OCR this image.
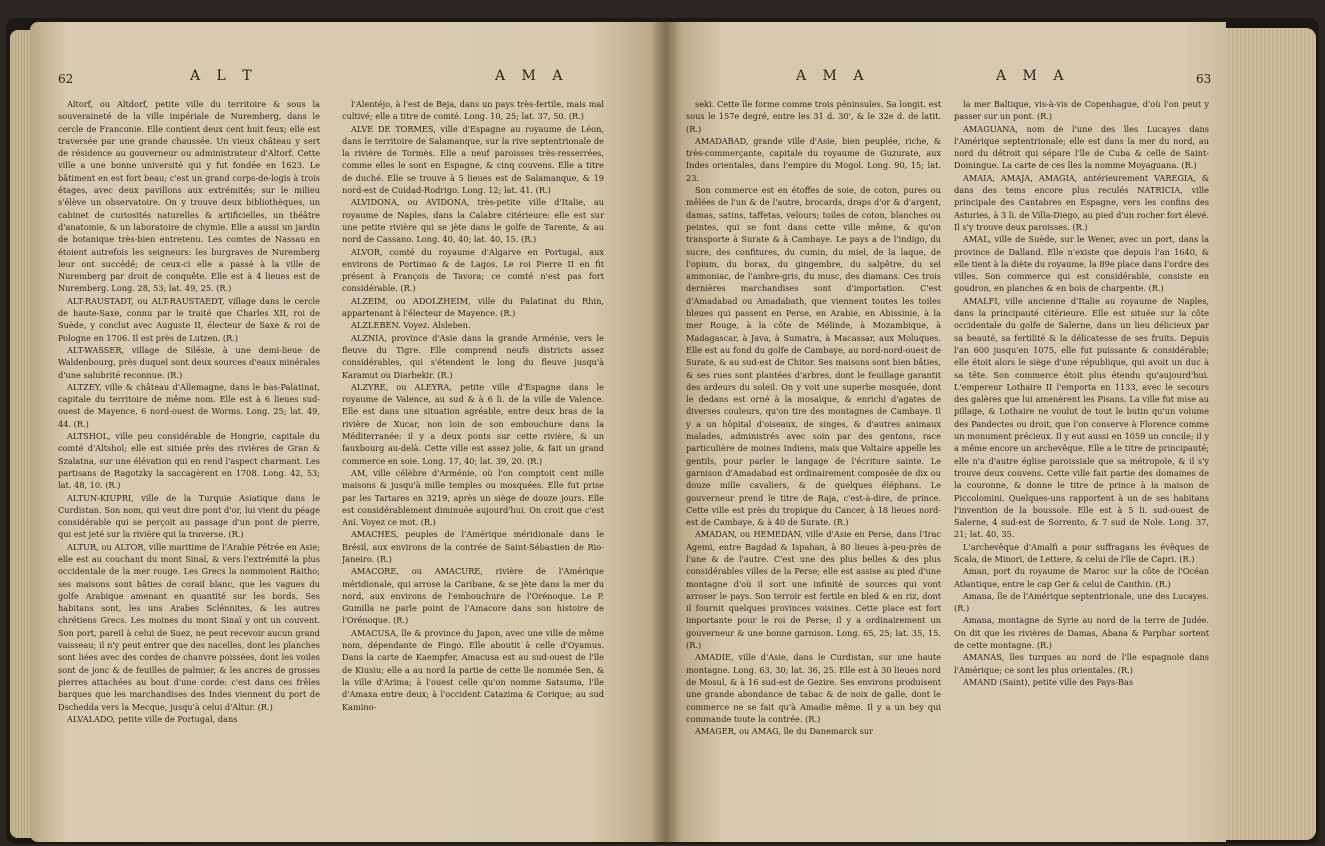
62	A L T	A M A

Altorf, ou Altdorf, petite ville du territoire & sous la souveraineté de la ville impériale de Nuremberg, dans le cercle de Franconie. Elle contient deux cent huit feux; elle est traversée par une grande chaussée. Un vieux château y sert de résidence au gouverneur ou administrateur d'Altorf. Cette ville a une bonne université qui y fut fondée en 1623. Le bâtiment en est fort beau; c'est un grand corps-de-logis à trois étages, avec deux pavillons aux extrémités; sur le milieu s'élève un observatoire. On y trouve deux bibliothèques, un cabinet de curiosités naturelles & artificielles, un théâtre d'anatomie, & un laboratoire de chymie. Elle a aussi un jardin de botanique très-bien entretenu. Les comtes de Nassau en étoient autrefois les seigneurs: les burgraves de Nuremberg leur ont succédé; de ceux-ci elle a passé à la ville de Nuremberg par droit de conquête. Elle est à 4 lieues est de Nuremberg. Long. 28, 53; lat. 49, 25. (R.)

ALT-RAUSTADT, ou ALT-RAUSTAEDT, village dans le cercle de haute-Saxe, connu par le traité que Charles XII, roi de Suède, y conclut avec Auguste II, électeur de Saxe & roi de Pologne en 1706. Il est près de Lutzen. (R.)

ALT-WASSER, village de Silésie, à une demi-lieue de Waldenbourg, près duquel sont deux sources d'eaux minérales d'une salubrité reconnue. (R.)

ALTZEY, ville & château d'Allemagne, dans le bas-Palatinat, capitale du territoire de même nom. Elle est à 6 lieues sud-ouest de Mayence, 6 nord-ouest de Worms. Long. 25; lat. 49, 44. (R.)

ALTSHOL, ville peu considérable de Hongrie, capitale du comté d'Altshol; elle est située près des rivières de Gran & Szalatna, sur une élévation qui en rend l'aspect charmant. Les partisans de Ragotzky la saccagèrent en 1708. Long. 42, 53; lat. 48, 10. (R.)

ALTUN-KIUPRI, ville de la Turquie Asiatique dans le Curdistan. Son nom, qui veut dire pont d'or, lui vient du péage considérable qui se perçoit au passage d'un pont de pierre, qui est jeté sur la rivière qui la traverse. (R.)

ALTUR, ou ALTOR, ville maritime de l'Arabie Pétrée en Asie; elle est au couchant du mont Sinaï, & vers l'extrémité la plus occidentale de la mer rouge. Les Grecs la nommoient Raitho; ses maisons sont bâties de corail blanc, que les vagues du golfe Arabique amenant en quantité sur les bords. Ses habitans sont, les uns Arabes Sclénnites, & les autres chrétiens Grecs. Les moines du mont Sinaï y ont un couvent. Son port, pareil à celui de Suez, ne peut recevoir aucun grand vaisseau; il n'y peut entrer que des nacelles, dont les planches sont liées avec des cordes de chanvre poissées, dont les voiles sont de jonc & de feuilles de palmier, & les ancres de grosses pierres attachées au bout d'une corde: c'est dans ces frêles barques que les marchandises des Indes viennent du port de Dschedda vers la Mecque, jusqu'à celui d'Altur. (R.)

ALVALADO, petite ville de Portugal, dans

l'Alentéjo, à l'est de Beja, dans un pays très-fertile, mais mal cultivé; elle a titre de comté. Long. 10, 25; lat. 37, 50. (R.)

ALVE DE TORMES, ville d'Espagne au royaume de Léon, dans le territoire de Salamanque, sur la rive septentrionale de la rivière de Tormès. Elle a neuf paroisses très-resserrées, comme elles le sont en Espagne, & cinq couvens. Elle a titre de duché. Elle se trouve à 5 lieues est de Salamanque, & 19 nord-est de Cuidad-Rodrigo. Long. 12; lat. 41. (R.)

ALVIDONA, ou AVIDONA, très-petite ville d'Italie, au royaume de Naples, dans la Calabre citérieure: elle est sur une petite rivière qui se jète dans le golfe de Tarente, & au nord de Cassano. Long. 40, 40; lat. 40, 15. (R.)

ALVOR, comté du royaume d'Algarve en Portugal, aux environs de Portimao & de Lagos. Le roi Pierre II en fit présent à François de Tavora; ce comté n'est pas fort considérable. (R.)

ALZEIM, ou ADOLZHEIM, ville du Palatinat du Rhin, appartenant à l'électeur de Mayence. (R.)

ALZLEBEN. Voyez. Alsleben.

ALZNIA, province d'Asie dans la grande Arménie, vers le fleuve du Tigre. Elle comprend neufs districts assez considérables, qui s'étendent le long du fleuve jusqu'à Karamut ou Diarbekir. (R.)

ALZYRE, ou ALEYRA, petite ville d'Espagne dans le royaume de Valence, au sud & à 6 li. de la ville de Valence. Elle est dans une situation agréable, entre deux bras de la rivière de Xucar, non loin de son embouchure dans la Méditerranée: il y a deux ponts sur cette rivière, & un fauxbourg au-delà. Cette ville est assez jolie, & fait un grand commerce en soie. Long. 17, 40; lat. 39, 20. (R.)

AM, ville célèbre d'Arménie, où l'on comptoit cent mille maisons & jusqu'à mille temples ou mosquées. Elle fut prise par les Tartares en 3219, après un siège de douze jours. Elle est considérablement diminuée aujourd'hui. On croit que c'est Ani. Voyez ce mot. (R.)

AMACHES, peuples de l'Amérique méridionale dans le Brésil, aux environs de la contrée de Saint-Sébastien de Rio-Janeiro. (R.)

AMACORE, ou AMACURE, rivière de l'Amérique méridionale, qui arrose la Caribane, & se jète dans la mer du nord, aux environs de l'embouchure de l'Orénoque. Le P. Gumilla ne parle point de l'Amacore dans son histoire de l'Orénoque. (R.)

AMACUSA, île & province du Japon, avec une ville de même nom, dépendante de Fingo. Elle aboutit à celle d'Oyamus. Dans la carte de Kaempfer, Amacusa est au sud-ouest de l'île de Kiusiu; elle a au nord la partie de cette île nommée Sen, & la ville d'Arima; à l'ouest celle qu'on nomme Satsuma, l'île d'Amaxa entre deux; à l'occident Catazima & Corique; au sud Kamino-

A M A	A M A	63

seki. Cette île forme comme trois péninsules. Sa longit. est sous le 157e degré, entre les 31 d. 30', & le 32e d. de latit. (R.)

AMADABAD, grande ville d'Asie, bien peuplée, riche, & très-commerçante, capitale du royaume de Guzurate, aux Indes orientales, dans l'empire du Mogol. Long. 90, 15; lat. 23.

Son commerce est en étoffes de soie, de coton, pures ou mêlées de l'un & de l'autre, brocards, draps d'or & d'argent, damas, satins, taffetas, velours; toiles de coton, blanches ou peintes, qui se font dans cette ville même, & qu'on transporte à Surate & à Cambaye. Le pays a de l'indigo, du sucre, des confitures, du cumin, du miel, de la laque, de l'opium, du borax, du gingembre, du salpêtre, du sel ammoniac, de l'ambre-gris, du musc, des diamans. Ces trois dernières marchandises sont d'importation. C'est d'Amadabad ou Amadabath, que viennent toutes les toiles bleues qui passent en Perse, en Arabie, en Abissinie, à la mer Rouge, à la côte de Mélinde, à Mozambique, à Madagascar, à Java, à Sumatra, à Macassar, aux Moluques. Elle est au fond du golfe de Cambaye, au nord-nord-ouest de Surate, & au sud-est de Chitor. Ses maisons sont bien bâties, & ses rues sont plantées d'arbres, dont le feuillage garantit des ardeurs du soleil. On y voit une superbe mosquée, dont le dedans est orné à la mosaïque, & enrichi d'agates de diverses couleurs, qu'on tire des montagnes de Cambaye. Il y a un hôpital d'oiseaux, de singes, & d'autres animaux malades, administrés avec soin par des gentons, race particulière de moines Indiens, mais que Voltaire appelle les gentils, pour parler le langage de l'écriture sainte. Le garnison d'Amadabad est ordinairement composée de dix ou douze mille cavaliers, & de quelques éléphans. Le gouverneur prend le titre de Raja, c'est-à-dire, de prince. Cette ville est près du tropique du Cancer, à 18 lieues nord-est de Cambaye, & à 40 de Surate. (R.)

AMADAN, ou HEMEDAN, ville d'Asie en Perse, dans l'Irac Agemi, entre Bagdad & Ispahan, à 80 lieues à-peu-près de l'une & de l'autre. C'est une des plus belles & des plus considérables villes de la Perse; elle est assise au pied d'une montagne d'où il sort une infinité de sources qui vont arroser le pays. Son terroir est fertile en bled & en riz, dont il fournit quelques provinces voisines. Cette place est fort importante pour le roi de Perse; il y a ordinairement un gouverneur & une bonne garnison. Long. 65, 25; lat. 35, 15. (R.)

AMADIE, ville d'Asie, dans le Curdistan, sur une haute montagne. Long. 63, 30; lat. 36, 25. Elle est à 30 lieues nord de Mosul, & à 16 sud-est de Gezire. Ses environs produisent une grande abondance de tabac & de noix de galle, dont le commerce ne se fait qu'à Amadie même. Il y a un bey qui commande toute la contrée. (R.)

AMAGER, ou AMAG, île du Danemarck sur

la mer Baltique, vis-à-vis de Copenhague, d'où l'on peut y passer sur un pont. (R.)

AMAGUANA, nom de l'une des îles Lucayes dans l'Amérique septentrionale; elle est dans la mer du nord, au nord du détroit qui sépare l'île de Cuba & celle de Saint-Domingue. La carte de ces îles la nomme Moyaguana. (R.)

AMAIA, AMAJA, AMAGIA, antérieurement VAREGIA, & dans des tems encore plus reculés NATRICIA, ville principale des Cantabres en Espagne, vers les confins des Asturies, à 3 li. de Villa-Diego, au pied d'un rocher fort élevé. Il s'y trouve deux paroisses. (R.)

AMAL, ville de Suède, sur le Wener, avec un port, dans la province de Dalland. Elle n'existe que depuis l'an 1640, & elle tient à la diète du royaume, la 89e place dans l'ordre des villes. Son commerce qui est considérable, consiste en goudron, en planches & en bois de charpente. (R.)

AMALFI, ville ancienne d'Italie au royaume de Naples, dans la principauté citérieure. Elle est située sur la côte occidentale du golfe de Salerne, dans un lieu délicieux par sa beauté, sa fertilité & la délicatesse de ses fruits. Depuis l'an 600 jusqu'en 1075, elle fut puissante & considérable; elle étoit alors le siège d'une république, qui avoit un duc à sa tête. Son commerce étoit plus étendu qu'aujourd'hui. L'empereur Lothaire II l'emporta en 1133, avec le secours des galères que lui amenèrent les Pisans. La ville fut mise au pillage, & Lothaire ne voulut de tout le butin qu'un volume des Pandectes ou droit, que l'on conserve à Florence comme un monument précieux. Il y eut aussi en 1059 un concile; il y a même encore un archevêque. Elle a le titre de principauté; elle n'a d'autre église paroissiale que sa métropole, & il s'y trouve deux couvens. Cette ville fait partie des domaines de la couronne, & donne le titre de prince à la maison de Piccolomini. Quelques-uns rapportent à un de ses habitans l'invention de la boussole. Elle est à 5 li. sud-ouest de Salerne, 4 sud-est de Sorrento, & 7 sud de Nole. Long. 37, 21; lat. 40, 35.

L'archevêque d'Amalfi a pour suffragans les évêques de Scala, de Minori, de Lettere, & celui de l'île de Capri. (R.)

Aman, port du royaume de Maroc sur la côte de l'Océan Atlantique, entre le cap Ger & celui de Canthin. (R.)

Amana, île de l'Amérique septentrionale, une des Lucayes. (R.)

Amana, montagne de Syrie au nord de la terre de Judée. On dit que les rivières de Damas, Abana & Parphar sortent de cette montagne. (R.)

AMANAS, îles turques au nord de l'île espagnole dans l'Amérique; ce sont les plus orientales. (R.)

AMAND (Saint), petite ville des Pays-Bas
